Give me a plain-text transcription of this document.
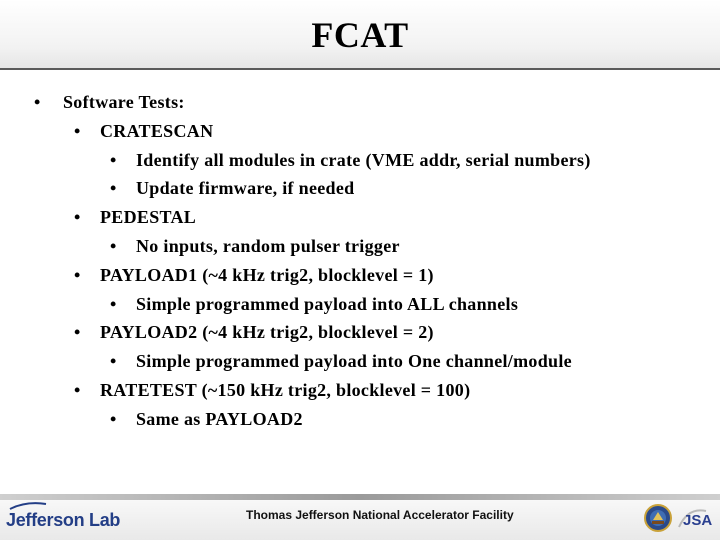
FCAT
• Software Tests:
• CRATESCAN
• Identify all modules in crate (VME addr, serial numbers)
• Update firmware, if needed
• PEDESTAL
• No inputs, random pulser trigger
• PAYLOAD1 (~4 kHz trig2, blocklevel = 1)
• Simple programmed payload into ALL channels
• PAYLOAD2 (~4 kHz trig2, blocklevel = 2)
• Simple programmed payload into One channel/module
• RATETEST (~150 kHz trig2, blocklevel = 100)
• Same as PAYLOAD2
Jefferson Lab	Thomas Jefferson National Accelerator Facility	JSA
